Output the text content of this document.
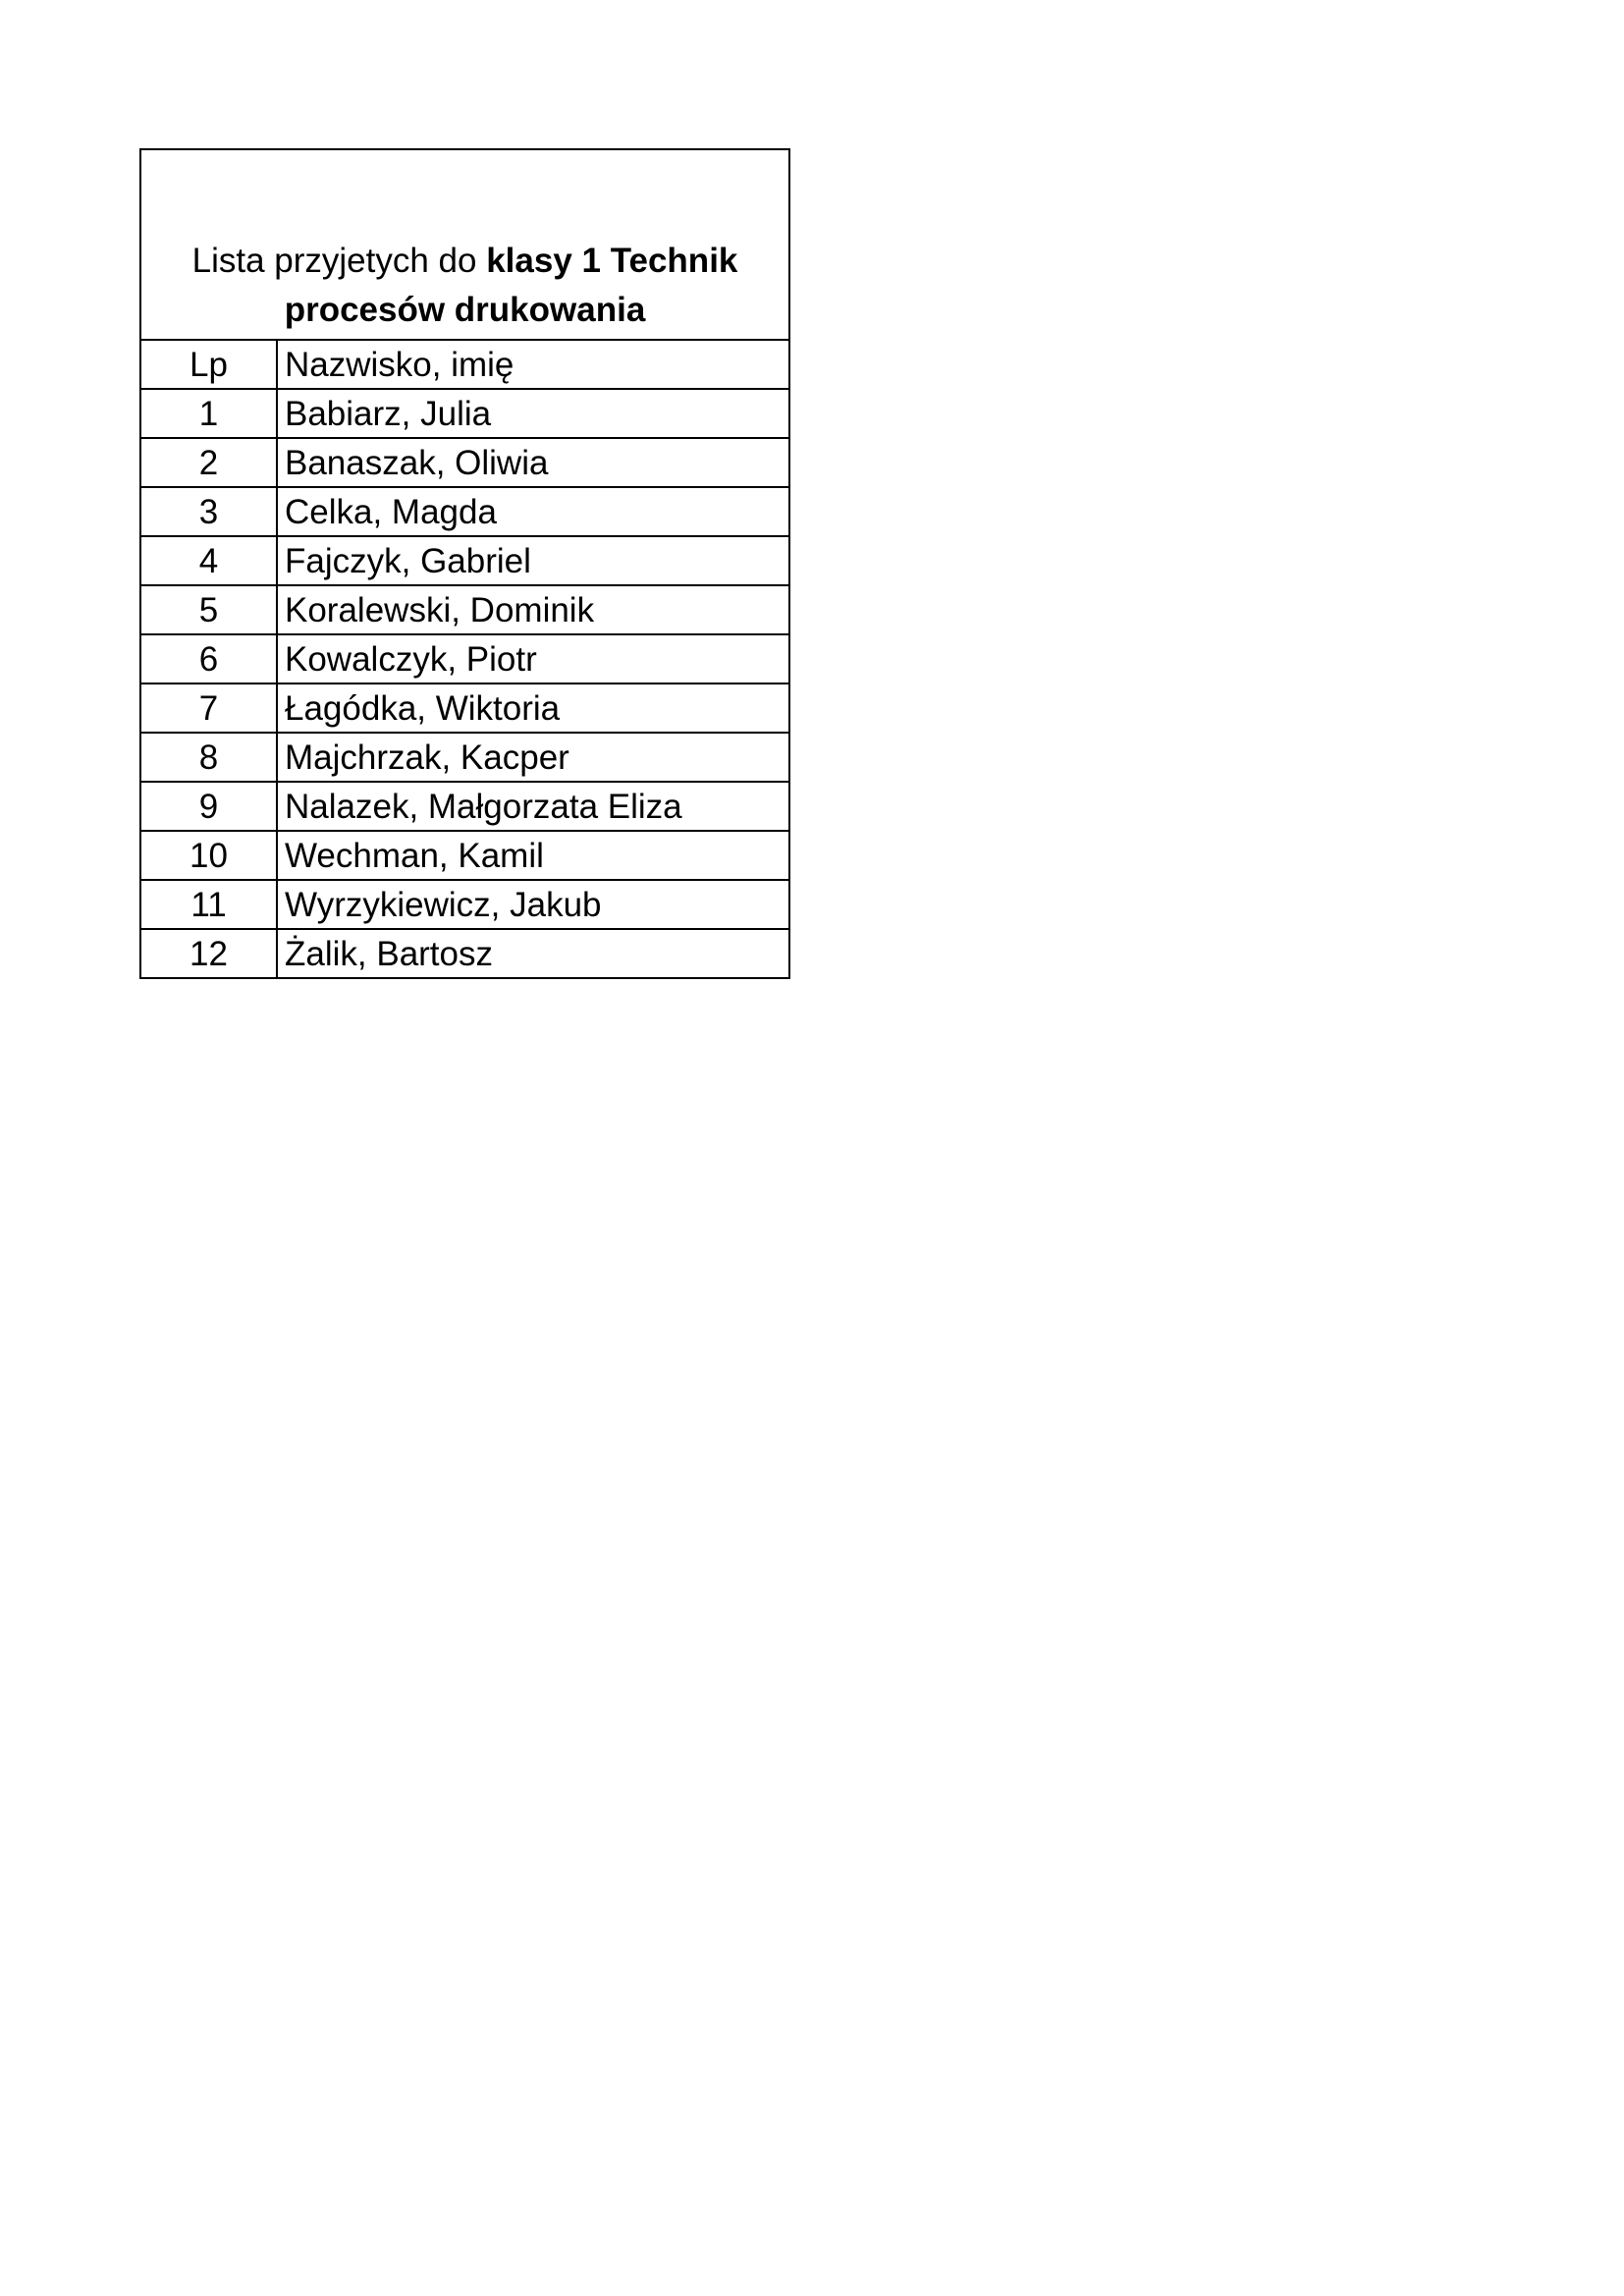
Lista przyjetych do klasy 1 Technik
procesów drukowania	

Lp	Nazwisko, imię
1	Babiarz, Julia
2	Banaszak, Oliwia
3	Celka, Magda
4	Fajczyk, Gabriel
5	Koralewski, Dominik
6	Kowalczyk, Piotr
7	Łagódka, Wiktoria
8	Majchrzak, Kacper
9	Nalazek, Małgorzata Eliza
10	Wechman, Kamil
11	Wyrzykiewicz, Jakub
12	Żalik, Bartosz
